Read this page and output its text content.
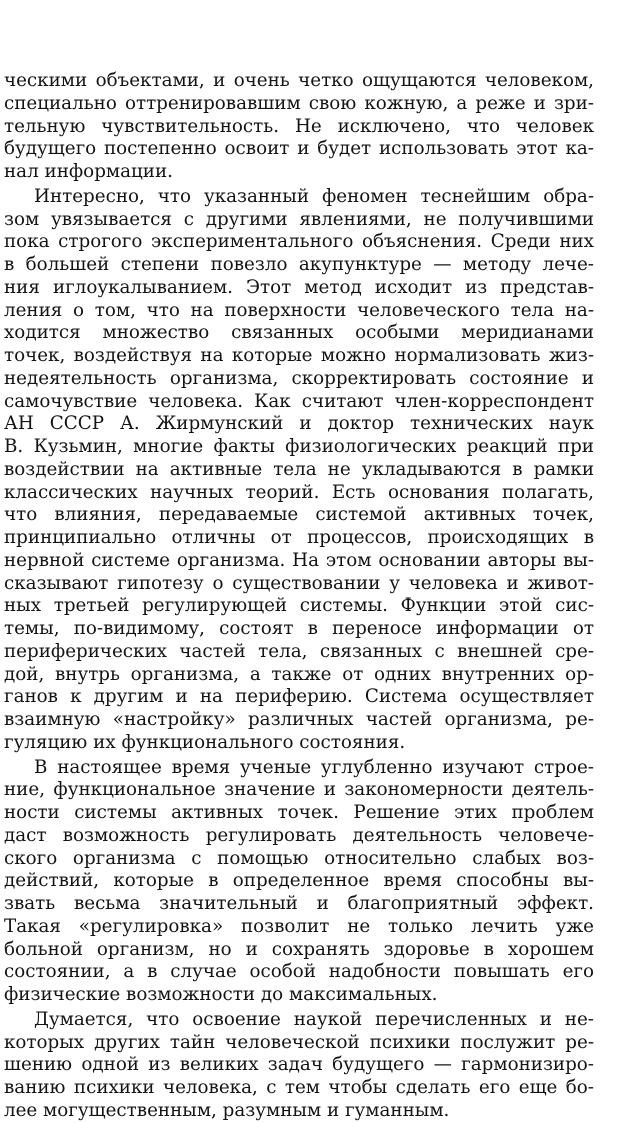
ческими объектами, и очень четко ощущаются человеком,
специально оттренировавшим свою кожную, а реже и зри-
тельную чувствительность. Не исключено, что человек
будущего постепенно освоит и будет использовать этот ка-
нал информации.
Интересно, что указанный феномен теснейшим обра-
зом увязывается с другими явлениями, не получившими
пока строгого экспериментального объяснения. Среди них
в большей степени повезло акупунктуре — методу лече-
ния иглоукалыванием. Этот метод исходит из представ-
ления о том, что на поверхности человеческого тела на-
ходится множество связанных особыми меридианами
точек, воздействуя на которые можно нормализовать жиз-
недеятельность организма, скорректировать состояние и
самочувствие человека. Как считают член-корреспондент
АН СССР А. Жирмунский и доктор технических наук
В. Кузьмин, многие факты физиологических реакций при
воздействии на активные тела не укладываются в рамки
классических научных теорий. Есть основания полагать,
что влияния, передаваемые системой активных точек,
принципиально отличны от процессов, происходящих в
нервной системе организма. На этом основании авторы вы-
сказывают гипотезу о существовании у человека и живот-
ных третьей регулирующей системы. Функции этой сис-
темы, по-видимому, состоят в переносе информации от
периферических частей тела, связанных с внешней сре-
дой, внутрь организма, а также от одних внутренних ор-
ганов к другим и на периферию. Система осуществляет
взаимную «настройку» различных частей организма, ре-
гуляцию их функционального состояния.
В настоящее время ученые углубленно изучают строе-
ние, функциональное значение и закономерности деятель-
ности системы активных точек. Решение этих проблем
даст возможность регулировать деятельность человече-
ского организма с помощью относительно слабых воз-
действий, которые в определенное время способны вы-
звать весьма значительный и благоприятный эффект.
Такая «регулировка» позволит не только лечить уже
больной организм, но и сохранять здоровье в хорошем
состоянии, а в случае особой надобности повышать его
физические возможности до максимальных.
Думается, что освоение наукой перечисленных и не-
которых других тайн человеческой психики послужит ре-
шению одной из великих задач будущего — гармонизиро-
ванию психики человека, с тем чтобы сделать его еще бо-
лее могущественным, разумным и гуманным.
